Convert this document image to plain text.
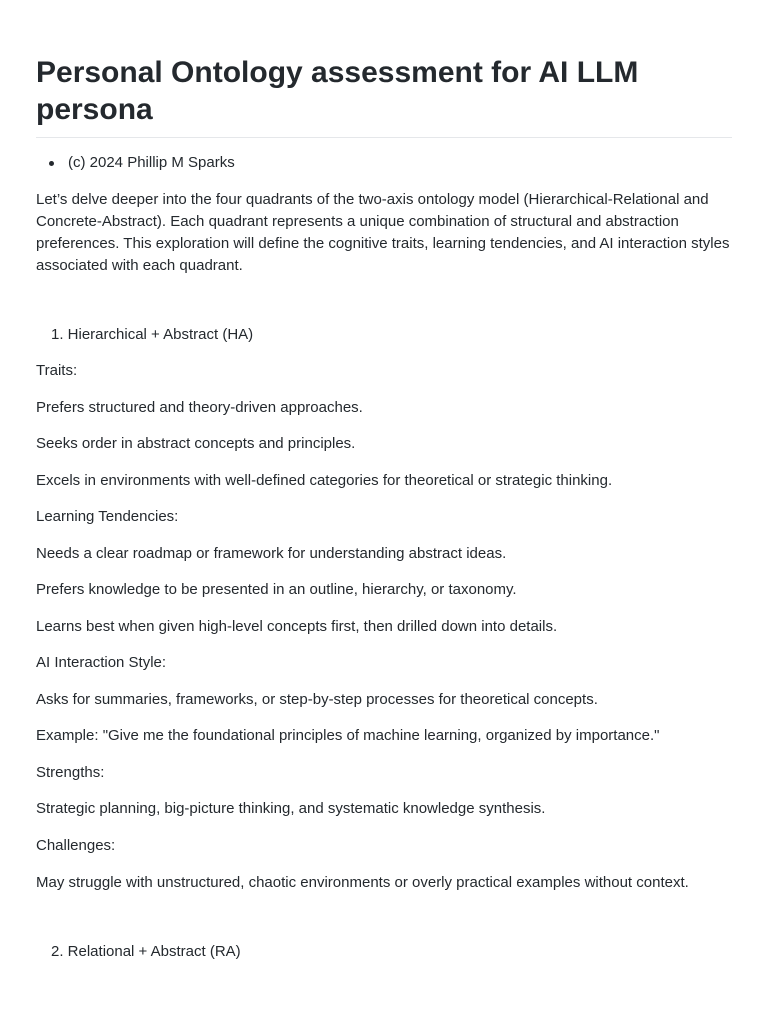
Personal Ontology assessment for AI LLM persona
(c) 2024 Phillip M Sparks

Let’s delve deeper into the four quadrants of the two-axis ontology model (Hierarchical-Relational and Concrete-Abstract). Each quadrant represents a unique combination of structural and abstraction preferences. This exploration will define the cognitive traits, learning tendencies, and AI interaction styles associated with each quadrant.

1. Hierarchical + Abstract (HA)

Traits:

Prefers structured and theory-driven approaches.

Seeks order in abstract concepts and principles.

Excels in environments with well-defined categories for theoretical or strategic thinking.

Learning Tendencies:

Needs a clear roadmap or framework for understanding abstract ideas.

Prefers knowledge to be presented in an outline, hierarchy, or taxonomy.

Learns best when given high-level concepts first, then drilled down into details.

AI Interaction Style:

Asks for summaries, frameworks, or step-by-step processes for theoretical concepts.

Example: "Give me the foundational principles of machine learning, organized by importance."

Strengths:

Strategic planning, big-picture thinking, and systematic knowledge synthesis.

Challenges:

May struggle with unstructured, chaotic environments or overly practical examples without context.

2. Relational + Abstract (RA)
